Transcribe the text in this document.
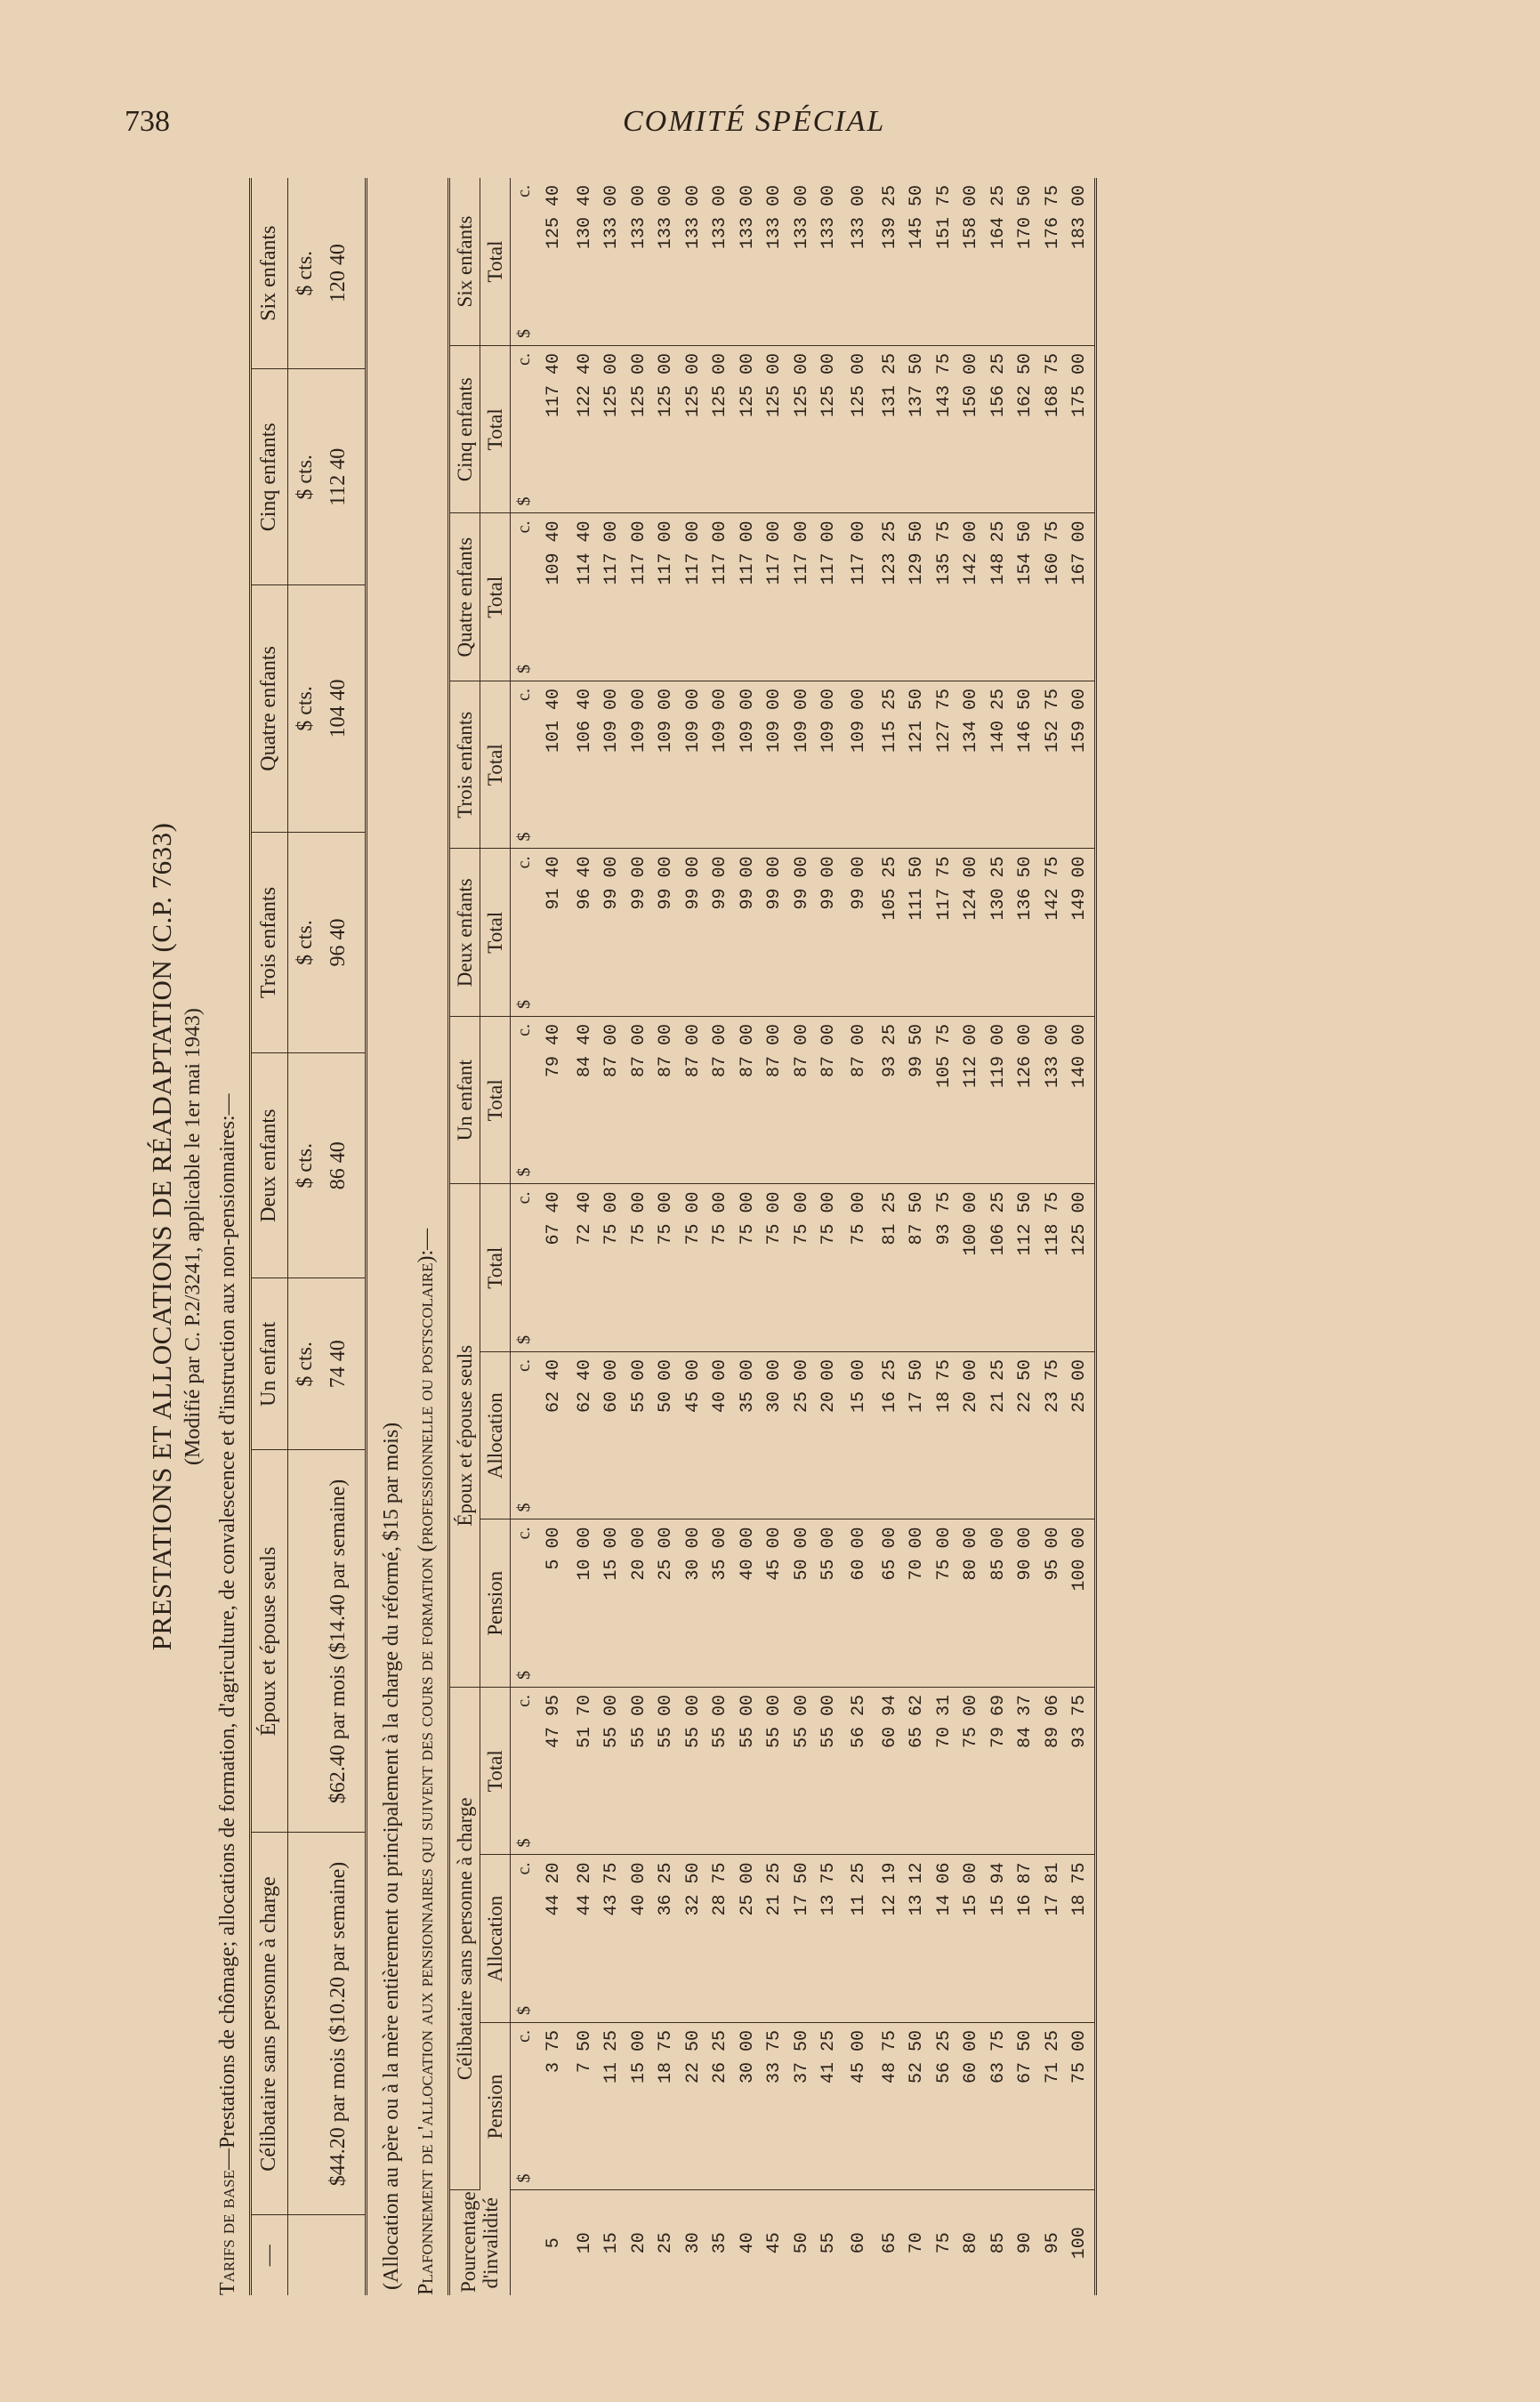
738	COMITÉ SPÉCIAL
PRESTATIONS ET ALLOCATIONS DE RÉADAPTATION (C.P. 7633) (Modifié par C. P.2/3241, applicable le 1er mai 1943)
Tarifs de base—Prestations de chômage; allocations de formation, d'agriculture, de convalescence et d'instruction aux non-pensionnaires:—
—	Célibataire sans personne à charge	Époux et épouse seuls	Un enfant	Deux enfants	Trois enfants	Quatre enfants	Cinq enfants	Six enfants
			$ cts.	$ cts.	$ cts.	$ cts.	$ cts.	$ cts.
	$44.20 par mois ($10.20 par semaine)	$62.40 par mois ($14.40 par semaine)	74 40	86 40	96 40	104 40	112 40	120 40
(Allocation au père ou à la mère entièrement ou principalement à la charge du réformé, $15 par mois) Plafonnement de l'allocation aux pensionnaires qui suivent des cours de formation (professionnelle ou postscolaire):— Pourcentage d'invalidité	Célibataire sans personne à charge			Époux et épouse seuls			Un enfant	Deux enfants	Trois enfants	Quatre enfants	Cinq enfants	Six enfants
	Pension	Allocation	Total	Pension	Allocation	Total	Total	Total	Total	Total	Total	Total
	$c.	$c.	$c.	$c.	$c.	$c.	$c.	$c.	$c.	$c.	$c.	$c.
5	3 75	44 20	47 95	5 00	62 40	67 40	79 40	91 40	101 40	109 40	117 40	125 40
10	7 50	44 20	51 70	10 00	62 40	72 40	84 40	96 40	106 40	114 40	122 40	130 40
15	11 25	43 75	55 00	15 00	60 00	75 00	87 00	99 00	109 00	117 00	125 00	133 00
20	15 00	40 00	55 00	20 00	55 00	75 00	87 00	99 00	109 00	117 00	125 00	133 00
25	18 75	36 25	55 00	25 00	50 00	75 00	87 00	99 00	109 00	117 00	125 00	133 00
30	22 50	32 50	55 00	30 00	45 00	75 00	87 00	99 00	109 00	117 00	125 00	133 00
35	26 25	28 75	55 00	35 00	40 00	75 00	87 00	99 00	109 00	117 00	125 00	133 00
40	30 00	25 00	55 00	40 00	35 00	75 00	87 00	99 00	109 00	117 00	125 00	133 00
45	33 75	21 25	55 00	45 00	30 00	75 00	87 00	99 00	109 00	117 00	125 00	133 00
50	37 50	17 50	55 00	50 00	25 00	75 00	87 00	99 00	109 00	117 00	125 00	133 00
55	41 25	13 75	55 00	55 00	20 00	75 00	87 00	99 00	109 00	117 00	125 00	133 00
60	45 00	11 25	56 25	60 00	15 00	75 00	87 00	99 00	109 00	117 00	125 00	133 00
65	48 75	12 19	60 94	65 00	16 25	81 25	93 25	105 25	115 25	123 25	131 25	139 25
70	52 50	13 12	65 62	70 00	17 50	87 50	99 50	111 50	121 50	129 50	137 50	145 50
75	56 25	14 06	70 31	75 00	18 75	93 75	105 75	117 75	127 75	135 75	143 75	151 75
80	60 00	15 00	75 00	80 00	20 00	100 00	112 00	124 00	134 00	142 00	150 00	158 00
85	63 75	15 94	79 69	85 00	21 25	106 25	119 00	130 25	140 25	148 25	156 25	164 25
90	67 50	16 87	84 37	90 00	22 50	112 50	126 00	136 50	146 50	154 50	162 50	170 50
95	71 25	17 81	89 06	95 00	23 75	118 75	133 00	142 75	152 75	160 75	168 75	176 75
100	75 00	18 75	93 75	100 00	25 00	125 00	140 00	149 00	159 00	167 00	175 00	183 00
